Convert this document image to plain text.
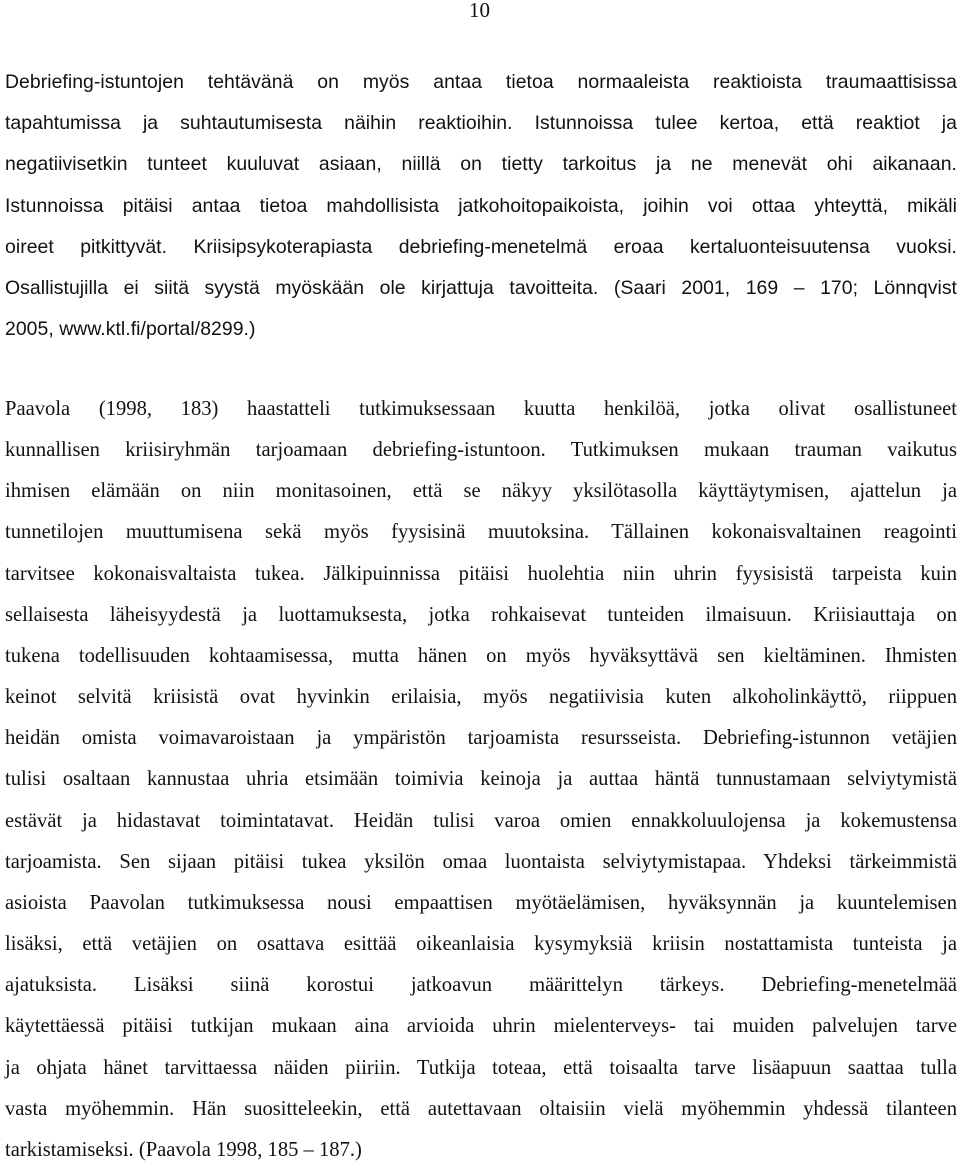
10

Debriefing-istuntojen tehtävänä on myös antaa tietoa normaaleista reaktioista traumaattisissa
tapahtumissa ja suhtautumisesta näihin reaktioihin. Istunnoissa tulee kertoa, että reaktiot ja
negatiivisetkin tunteet kuuluvat asiaan, niillä on tietty tarkoitus ja ne menevät ohi aikanaan.
Istunnoissa pitäisi antaa tietoa mahdollisista jatkohoitopaikoista, joihin voi ottaa yhteyttä, mikäli
oireet pitkittyvät. Kriisipsykoterapiasta debriefing-menetelmä eroaa kertaluonteisuutensa vuoksi.
Osallistujilla ei siitä syystä myöskään ole kirjattuja tavoitteita. (Saari 2001, 169 – 170; Lönnqvist
2005, www.ktl.fi/portal/8299.)

Paavola (1998, 183) haastatteli tutkimuksessaan kuutta henkilöä, jotka olivat osallistuneet
kunnallisen kriisiryhmän tarjoamaan debriefing-istuntoon. Tutkimuksen mukaan trauman vaikutus
ihmisen elämään on niin monitasoinen, että se näkyy yksilötasolla käyttäytymisen, ajattelun ja
tunnetilojen muuttumisena sekä myös fyysisinä muutoksina. Tällainen kokonaisvaltainen reagointi
tarvitsee kokonaisvaltaista tukea. Jälkipuinnissa pitäisi huolehtia niin uhrin fyysisistä tarpeista kuin
sellaisesta läheisyydestä ja luottamuksesta, jotka rohkaisevat tunteiden ilmaisuun. Kriisiauttaja on
tukena todellisuuden kohtaamisessa, mutta hänen on myös hyväksyttävä sen kieltäminen. Ihmisten
keinot selvitä kriisistä ovat hyvinkin erilaisia, myös negatiivisia kuten alkoholinkäyttö, riippuen
heidän omista voimavaroistaan ja ympäristön tarjoamista resursseista. Debriefing-istunnon vetäjien
tulisi osaltaan kannustaa uhria etsimään toimivia keinoja ja auttaa häntä tunnustamaan selviytymistä
estävät ja hidastavat toimintatavat. Heidän tulisi varoa omien ennakkoluulojensa ja kokemustensa
tarjoamista. Sen sijaan pitäisi tukea yksilön omaa luontaista selviytymistapaa. Yhdeksi tärkeimmistä
asioista Paavolan tutkimuksessa nousi empaattisen myötäelämisen, hyväksynnän ja kuuntelemisen
lisäksi, että vetäjien on osattava esittää oikeanlaisia kysymyksiä kriisin nostattamista tunteista ja
ajatuksista. Lisäksi siinä korostui jatkoavun määrittelyn tärkeys. Debriefing-menetelmää
käytettäessä pitäisi tutkijan mukaan aina arvioida uhrin mielenterveys- tai muiden palvelujen tarve
ja ohjata hänet tarvittaessa näiden piiriin. Tutkija toteaa, että toisaalta tarve lisäapuun saattaa tulla
vasta myöhemmin. Hän suositteleekin, että autettavaan oltaisiin vielä myöhemmin yhdessä tilanteen
tarkistamiseksi. (Paavola 1998, 185 – 187.)
